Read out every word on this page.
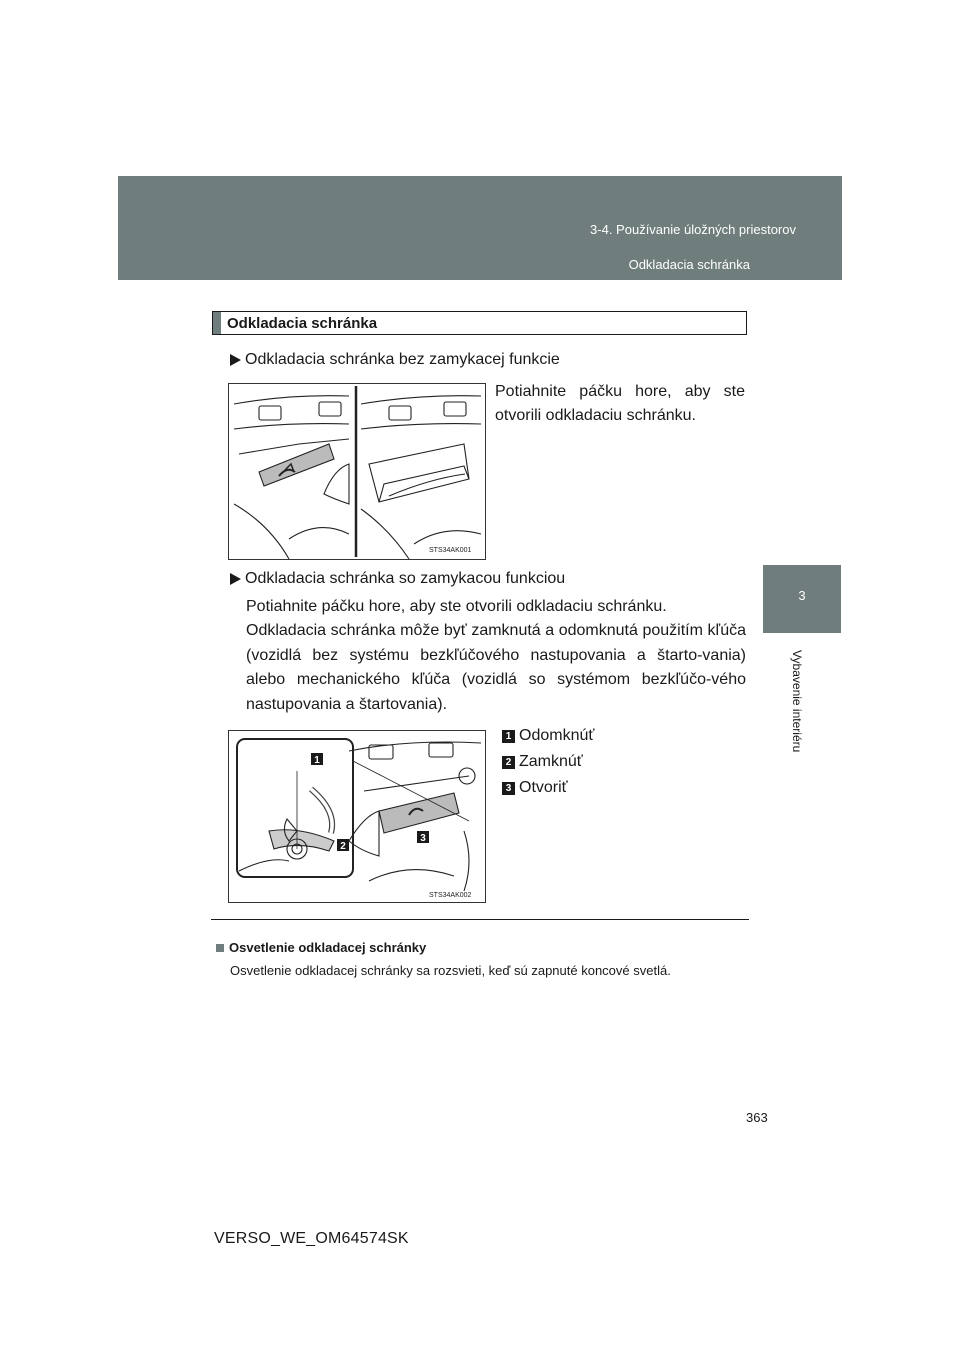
3-4. Používanie úložných priestorov
Odkladacia schránka
3
Vybavenie interiéru
Odkladacia schránka
Odkladacia schránka bez zamykacej funkcie
Potiahnite páčku hore, aby ste
otvorili odkladaciu schránku.
STS34AK001
Odkladacia schránka so zamykacou funkciou
Potiahnite páčku hore, aby ste otvorili odkladaciu schránku.
Odkladacia schránka môže byť zamknutá a odomknutá použitím kľúča (vozidlá bez systému bezkľúčového nastupovania a štarto-vania) alebo mechanického kľúča (vozidlá so systémom bezkľúčo-vého nastupovania a štartovania).
1
2
3
STS34AK002
1 Odomknúť
2 Zamknúť
3 Otvoriť
Osvetlenie odkladacej schránky
Osvetlenie odkladacej schránky sa rozsvieti, keď sú zapnuté koncové svetlá.
363
VERSO_WE_OM64574SK
